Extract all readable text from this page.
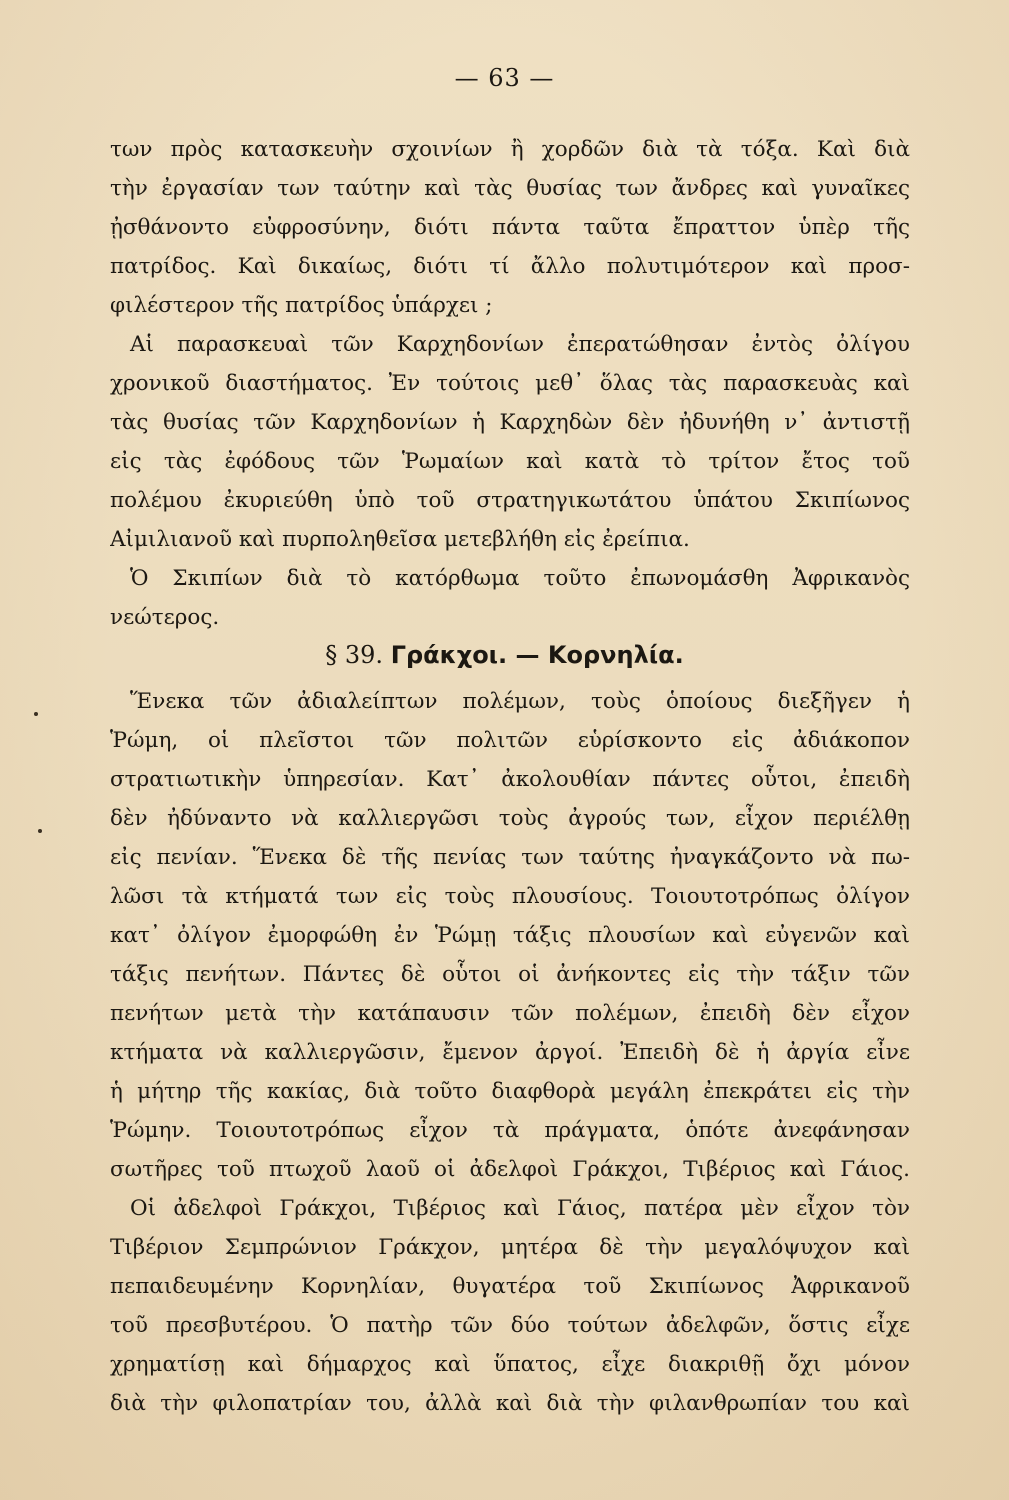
— 63 —
των πρὸς κατασκευὴν σχοινίων ἢ χορδῶν διὰ τὰ τόξα. Καὶ διὰ
τὴν ἐργασίαν των ταύτην καὶ τὰς θυσίας των ἄνδρες καὶ γυναῖκες
ᾐσθάνοντο εὐφροσύνην, διότι πάντα ταῦτα ἔπραττον ὑπὲρ τῆς
πατρίδος. Καὶ δικαίως, διότι τί ἄλλο πολυτιμότερον καὶ προσ-
φιλέστερον τῆς πατρίδος ὑπάρχει ;
Αἱ παρασκευαὶ τῶν Καρχηδονίων ἐπερατώθησαν ἐντὸς ὀλίγου
χρονικοῦ διαστήματος. Ἐν τούτοις μεθ᾽ ὅλας τὰς παρασκευὰς καὶ
τὰς θυσίας τῶν Καρχηδονίων ἡ Καρχηδὼν δὲν ἠδυνήθη ν᾽ ἀντιστῇ
εἰς τὰς ἐφόδους τῶν Ῥωμαίων καὶ κατὰ τὸ τρίτον ἔτος τοῦ
πολέμου ἐκυριεύθη ὑπὸ τοῦ στρατηγικωτάτου ὑπάτου Σκιπίωνος
Αἰμιλιανοῦ καὶ πυρποληθεῖσα μετεβλήθη εἰς ἐρείπια.
Ὁ Σκιπίων διὰ τὸ κατόρθωμα τοῦτο ἐπωνομάσθη Ἀφρικανὸς
νεώτερος.
§ 39. Γράκχοι. — Κορνηλία.
Ἕνεκα τῶν ἀδιαλείπτων πολέμων, τοὺς ὁποίους διεξῆγεν ἡ
Ῥώμη, οἱ πλεῖστοι τῶν πολιτῶν εὑρίσκοντο εἰς ἀδιάκοπον
στρατιωτικὴν ὑπηρεσίαν. Κατ᾽ ἀκολουθίαν πάντες οὗτοι, ἐπειδὴ
δὲν ἠδύναντο νὰ καλλιεργῶσι τοὺς ἀγρούς των, εἶχον περιέλθῃ
εἰς πενίαν. Ἕνεκα δὲ τῆς πενίας των ταύτης ἠναγκάζοντο νὰ πω-
λῶσι τὰ κτήματά των εἰς τοὺς πλουσίους. Τοιουτοτρόπως ὀλίγον
κατ᾽ ὀλίγον ἐμορφώθη ἐν Ῥώμῃ τάξις πλουσίων καὶ εὐγενῶν καὶ
τάξις πενήτων. Πάντες δὲ οὗτοι οἱ ἀνήκοντες εἰς τὴν τάξιν τῶν
πενήτων μετὰ τὴν κατάπαυσιν τῶν πολέμων, ἐπειδὴ δὲν εἶχον
κτήματα νὰ καλλιεργῶσιν, ἔμενον ἀργοί. Ἐπειδὴ δὲ ἡ ἀργία εἶνε
ἡ μήτηρ τῆς κακίας, διὰ τοῦτο διαφθορὰ μεγάλη ἐπεκράτει εἰς τὴν
Ῥώμην. Τοιουτοτρόπως εἶχον τὰ πράγματα, ὁπότε ἀνεφάνησαν
σωτῆρες τοῦ πτωχοῦ λαοῦ οἱ ἀδελφοὶ Γράκχοι, Τιβέριος καὶ Γάιος.
Οἱ ἀδελφοὶ Γράκχοι, Τιβέριος καὶ Γάιος, πατέρα μὲν εἶχον τὸν
Τιβέριον Σεμπρώνιον Γράκχον, μητέρα δὲ τὴν μεγαλόψυχον καὶ
πεπαιδευμένην Κορνηλίαν, θυγατέρα τοῦ Σκιπίωνος Ἀφρικανοῦ
τοῦ πρεσβυτέρου. Ὁ πατὴρ τῶν δύο τούτων ἀδελφῶν, ὅστις εἶχε
χρηματίσῃ καὶ δήμαρχος καὶ ὕπατος, εἶχε διακριθῇ ὄχι μόνον
διὰ τὴν φιλοπατρίαν του, ἀλλὰ καὶ διὰ τὴν φιλανθρωπίαν του καὶ
